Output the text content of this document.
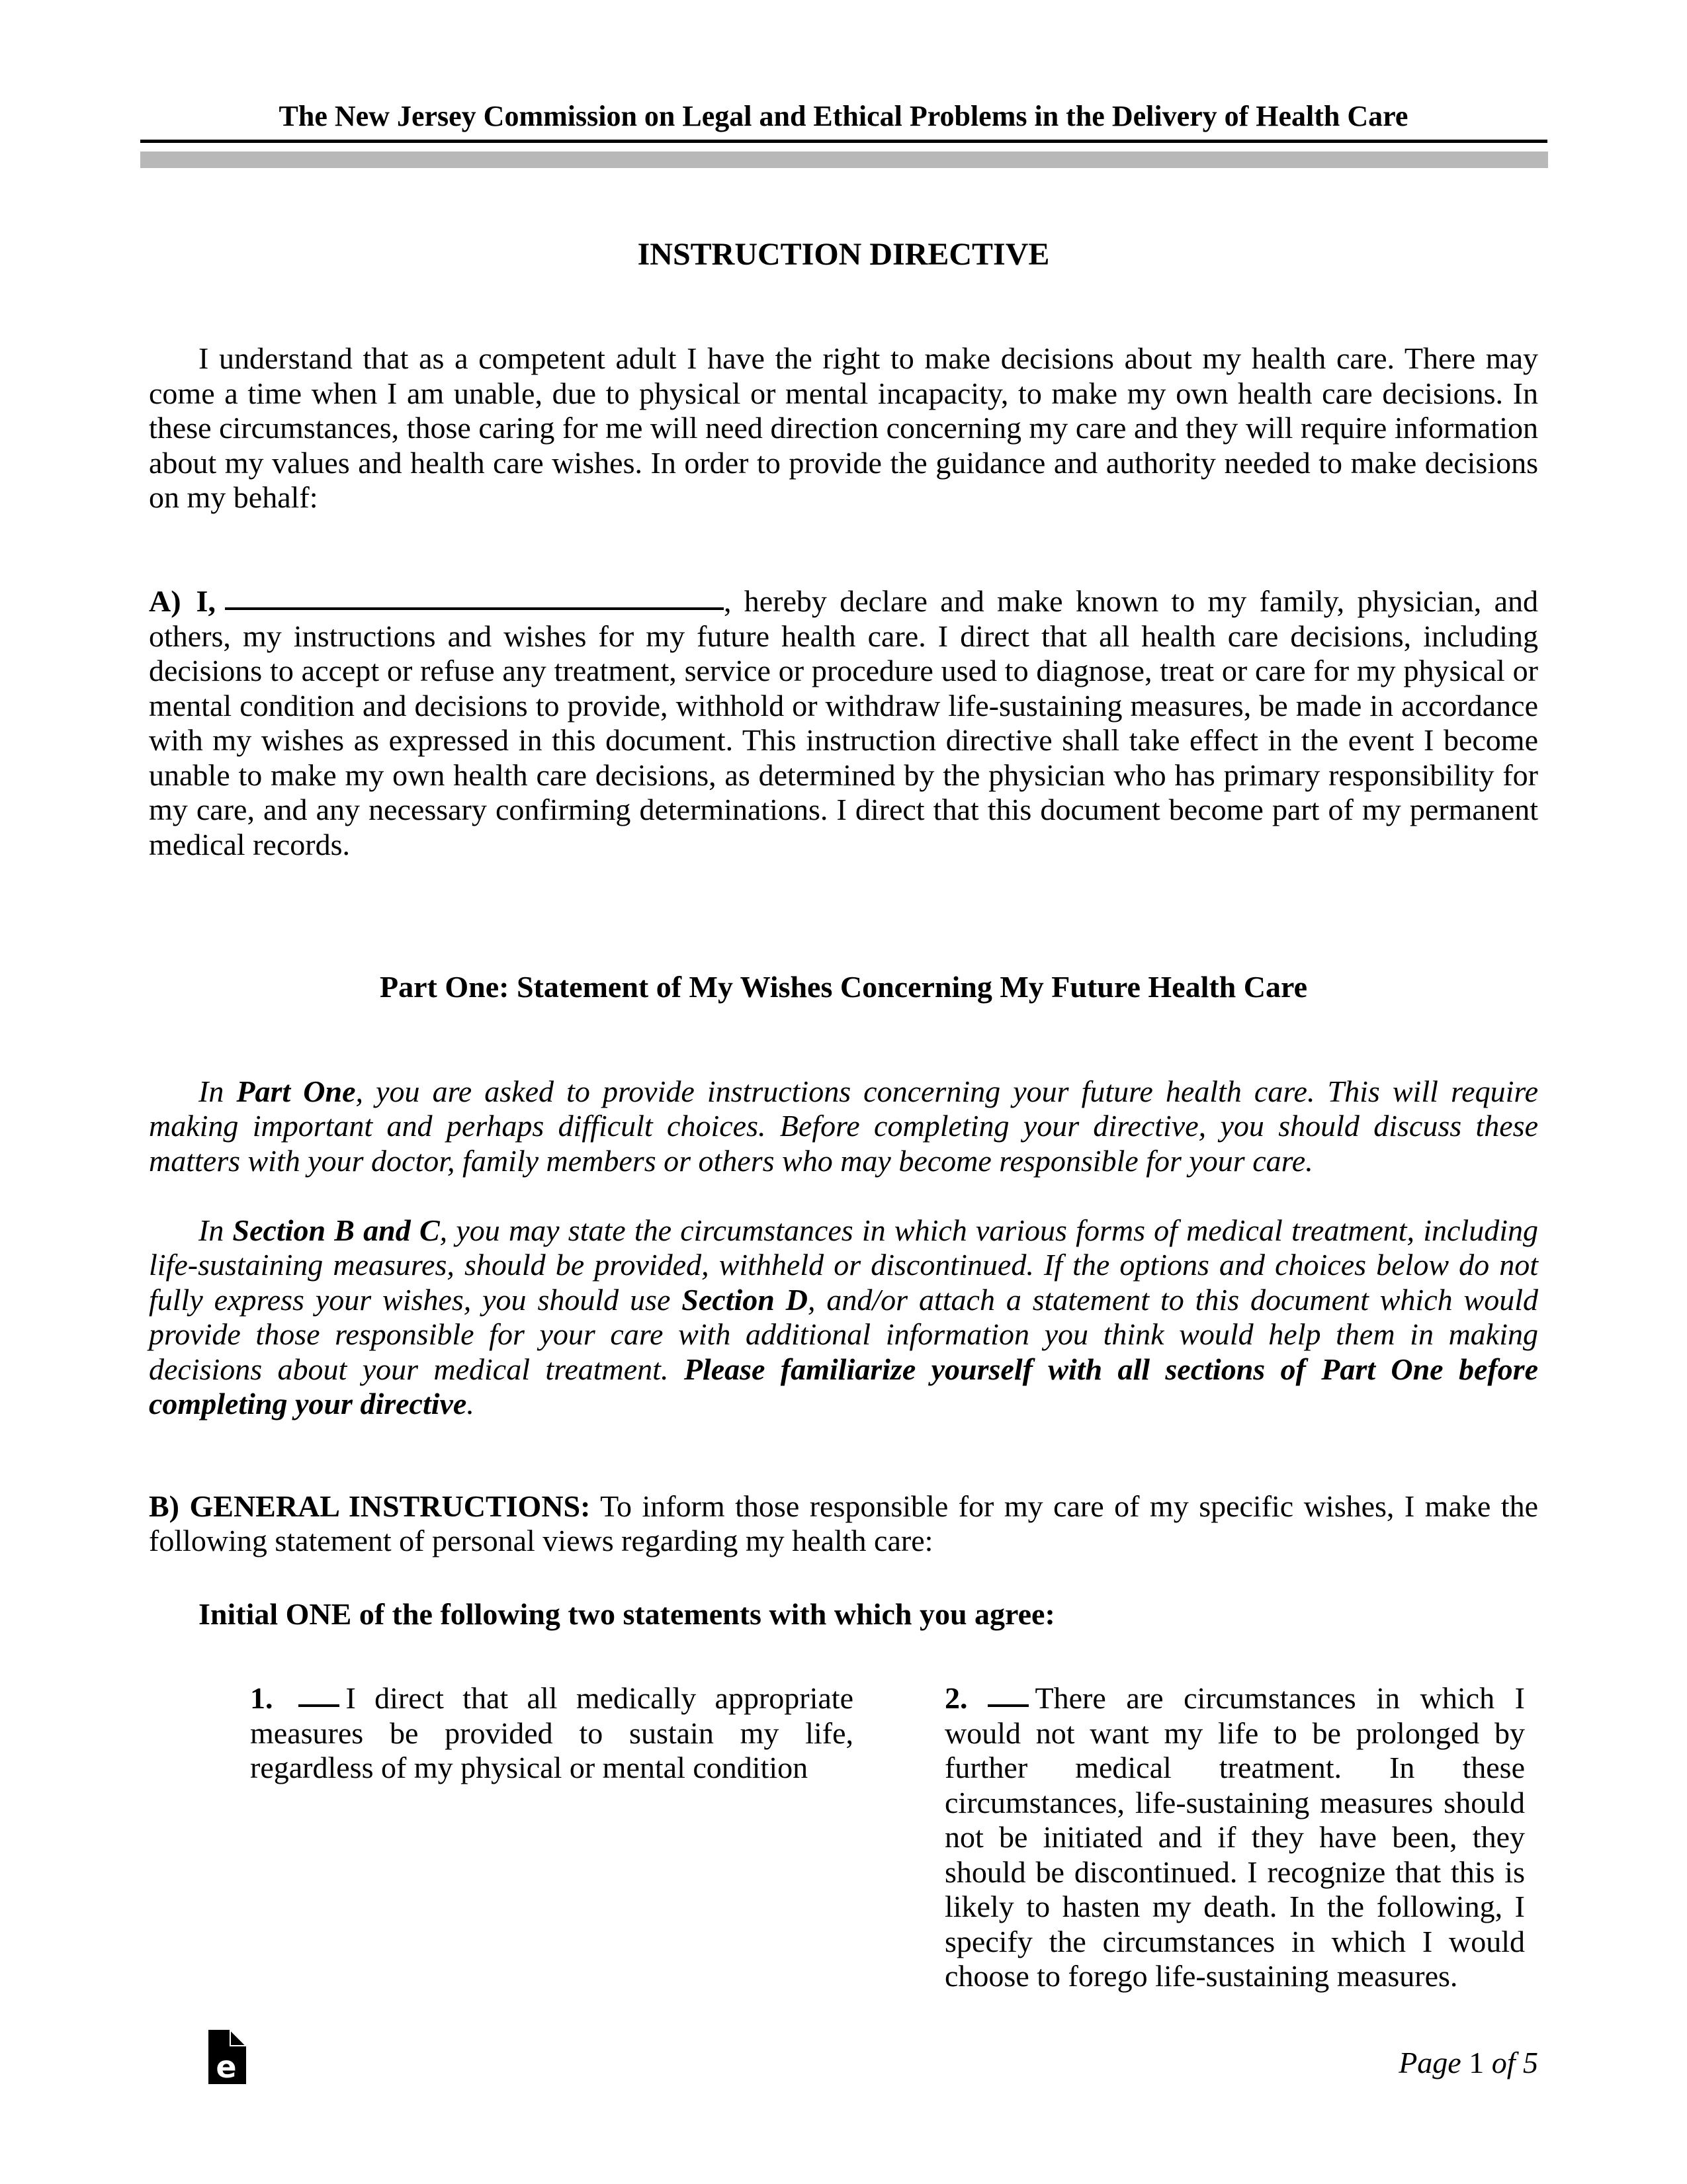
The New Jersey Commission on Legal and Ethical Problems in the Delivery of Health Care
INSTRUCTION DIRECTIVE
I understand that as a competent adult I have the right to make decisions about my health care. There may
come a time when I am unable, due to physical or mental incapacity, to make my own health care decisions. In
these circumstances, those caring for me will need direction concerning my care and they will require information
about my values and health care wishes. In order to provide the guidance and authority needed to make decisions
on my behalf:
A)  I,	, hereby declare and make known to my family, physician, and
others, my instructions and wishes for my future health care. I direct that all health care decisions, including
decisions to accept or refuse any treatment, service or procedure used to diagnose, treat or care for my physical or
mental condition and decisions to provide, withhold or withdraw life-sustaining measures, be made in accordance
with my wishes as expressed in this document. This instruction directive shall take effect in the event I become
unable to make my own health care decisions, as determined by the physician who has primary responsibility for
my care, and any necessary confirming determinations. I direct that this document become part of my permanent
medical records.
Part One: Statement of My Wishes Concerning My Future Health Care
In Part One, you are asked to provide instructions concerning your future health care. This will require
making important and perhaps difficult choices. Before completing your directive, you should discuss these
matters with your doctor, family members or others who may become responsible for your care.
In Section B and C, you may state the circumstances in which various forms of medical treatment, including
life-sustaining measures, should be provided, withheld or discontinued. If the options and choices below do not
fully express your wishes, you should use Section D, and/or attach a statement to this document which would
provide those responsible for your care with additional information you think would help them in making
decisions about your medical treatment. Please familiarize yourself with all sections of Part One before
completing your directive.
B) GENERAL INSTRUCTIONS: To inform those responsible for my care of my specific wishes, I make the
following statement of personal views regarding my health care:
Initial ONE of the following two statements with which you agree:
1. I direct that all medically appropriate
measures be provided to sustain my life,
regardless of my physical or mental condition
2. There are circumstances in which I
would not want my life to be prolonged by
further medical treatment. In these
circumstances, life-sustaining measures should
not be initiated and if they have been, they
should be discontinued. I recognize that this is
likely to hasten my death. In the following, I
specify the circumstances in which I would
choose to forego life-sustaining measures.
e	Page 1 of 5
